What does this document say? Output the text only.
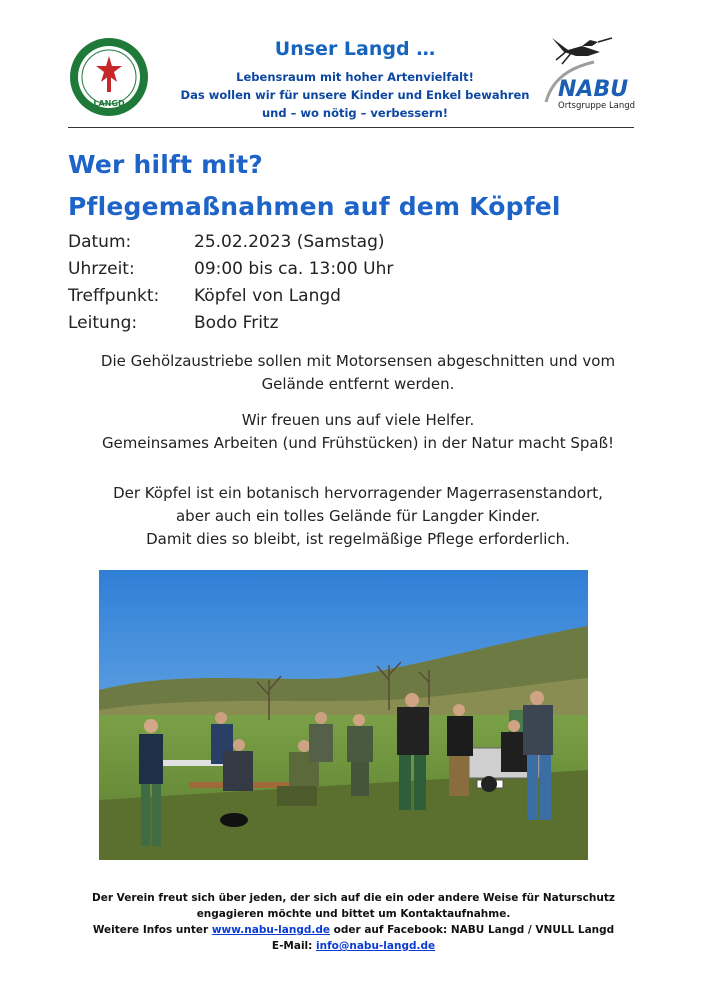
LANGD
Unser Langd …
Lebensraum mit hoher Artenvielfalt!
Das wollen wir für unsere Kinder und Enkel bewahren
und – wo nötig – verbessern!
NABU
Ortsgruppe Langd
Wer hilft mit?
Pflegemaßnahmen auf dem Köpfel
Datum:	25.02.2023 (Samstag)
Uhrzeit:	09:00 bis ca. 13:00 Uhr
Treffpunkt: Köpfel von Langd
Leitung:	Bodo Fritz
Die Gehölzaustriebe sollen mit Motorsensen abgeschnitten und vom
Gelände entfernt werden.
Wir freuen uns auf viele Helfer.
Gemeinsames Arbeiten (und Frühstücken) in der Natur macht Spaß!
Der Köpfel ist ein botanisch hervorragender Magerrasenstandort,
aber auch ein tolles Gelände für Langder Kinder.
Damit dies so bleibt, ist regelmäßige Pflege erforderlich.
Der Verein freut sich über jeden, der sich auf die ein oder andere Weise für Naturschutz
engagieren möchte und bittet um Kontaktaufnahme.
Weitere Infos unter www.nabu-langd.de oder auf Facebook: NABU Langd / VNULL Langd
E-Mail: info@nabu-langd.de
